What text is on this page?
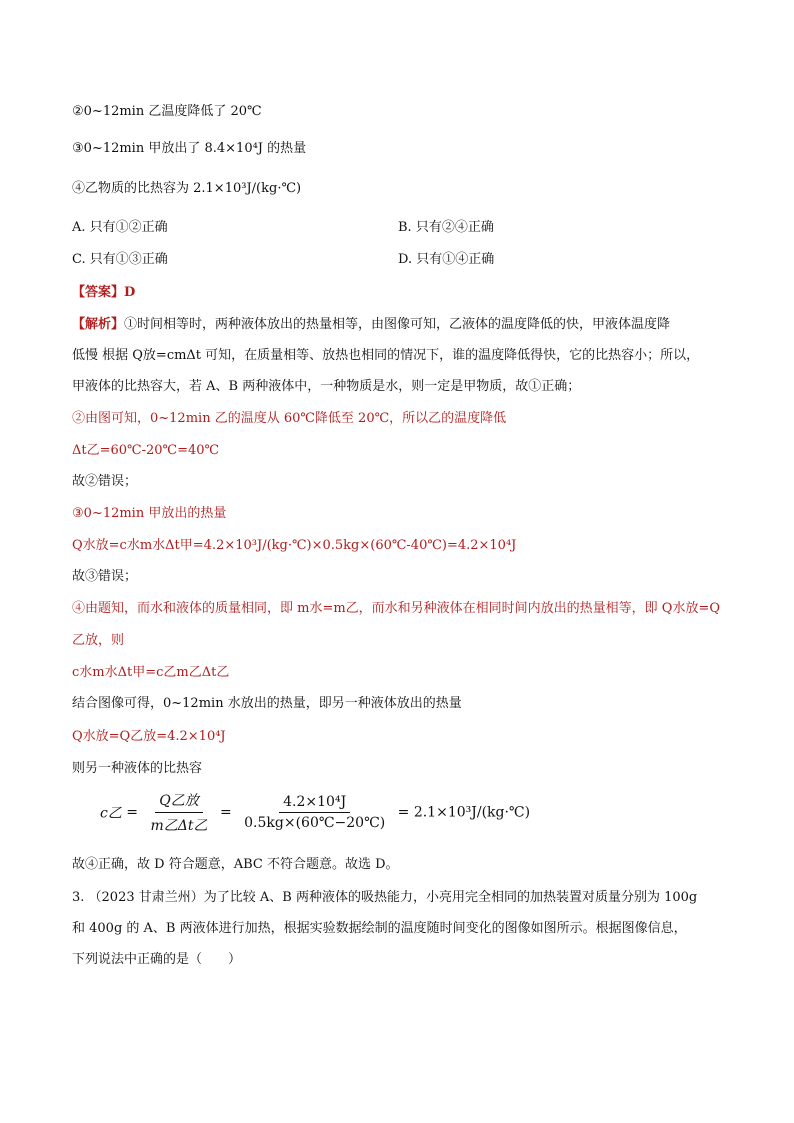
②0~12min 乙温度降低了 20℃
③0~12min 甲放出了 8.4×10⁴J 的热量
④乙物质的比热容为 2.1×10³J/(kg·℃)
A. 只有①②正确	B. 只有②④正确
C. 只有①③正确	D. 只有①④正确
【答案】D
【解析】①时间相等时，两种液体放出的热量相等，由图像可知，乙液体的温度降低的快，甲液体温度降
低慢 根据 Q放=cmΔt 可知，在质量相等、放热也相同的情况下，谁的温度降低得快，它的比热容小；所以，
甲液体的比热容大，若 A、B 两种液体中，一种物质是水，则一定是甲物质，故①正确；
②由图可知，0~12min 乙的温度从 60℃降低至 20℃，所以乙的温度降低
Δt乙=60℃-20℃=40℃
故②错误；
③0~12min 甲放出的热量
Q水放=c水m水Δt甲=4.2×10³J/(kg·℃)×0.5kg×(60℃-40℃)=4.2×10⁴J
故③错误；
④由题知，而水和液体的质量相同，即 m水=m乙，而水和另种液体在相同时间内放出的热量相等，即 Q水放=Q
乙放，则
c水m水Δt甲=c乙m乙Δt乙
结合图像可得，0~12min 水放出的热量，即另一种液体放出的热量
Q水放=Q乙放=4.2×10⁴J
则另一种液体的比热容
c乙 = $\frac{\text{Q乙放}}{\text{m乙Δt乙}} = \frac{\text{4.2×10⁴J}}{0.5kg\times(60℃-20℃)}$ = 2.1×10³J/(kg·℃)
故④正确，故 D 符合题意，ABC 不符合题意。故选 D。
3. （2023 甘肃兰州）为了比较 A、B 两种液体的吸热能力，小亮用完全相同的加热装置对质量分别为 100g
和 400g 的 A、B 两液体进行加热，根据实验数据绘制的温度随时间变化的图像如图所示。根据图像信息，
下列说法中正确的是（　　）
